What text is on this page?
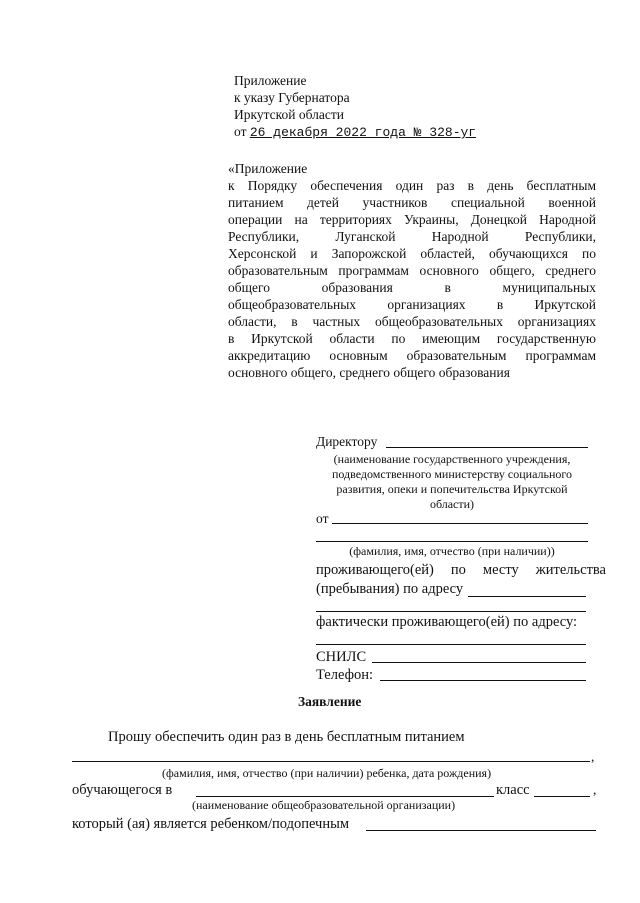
Приложение
к указу Губернатора
Иркутской области
от 26 декабря 2022 года № 328-уг
«Приложение
к Порядку обеспечения один раз в день бесплатным
питанием детей участников специальной военной
операции на территориях Украины, Донецкой Народной
Республики, Луганской Народной Республики,
Херсонской и Запорожской областей, обучающихся по
образовательным программам основного общего, среднего
общего образования в муниципальных
общеобразовательных организациях в Иркутской
области, в частных общеобразовательных организациях
в Иркутской области по имеющим государственную
аккредитацию основным образовательным программам
основного общего, среднего общего образования
Директору
(наименование государственного учреждения,
подведомственного министерству социального
развития, опеки и попечительства Иркутской
области)
от
(фамилия, имя, отчество (при наличии))
проживающего(ей) по месту жительства
(пребывания) по адресу
фактически проживающего(ей) по адресу:
СНИЛС
Телефон:
Заявление
Прошу обеспечить один раз в день бесплатным питанием
,
(фамилия, имя, отчество (при наличии) ребенка, дата рождения)
обучающегося в	класс	,
(наименование общеобразовательной организации)
который (ая) является ребенком/подопечным
